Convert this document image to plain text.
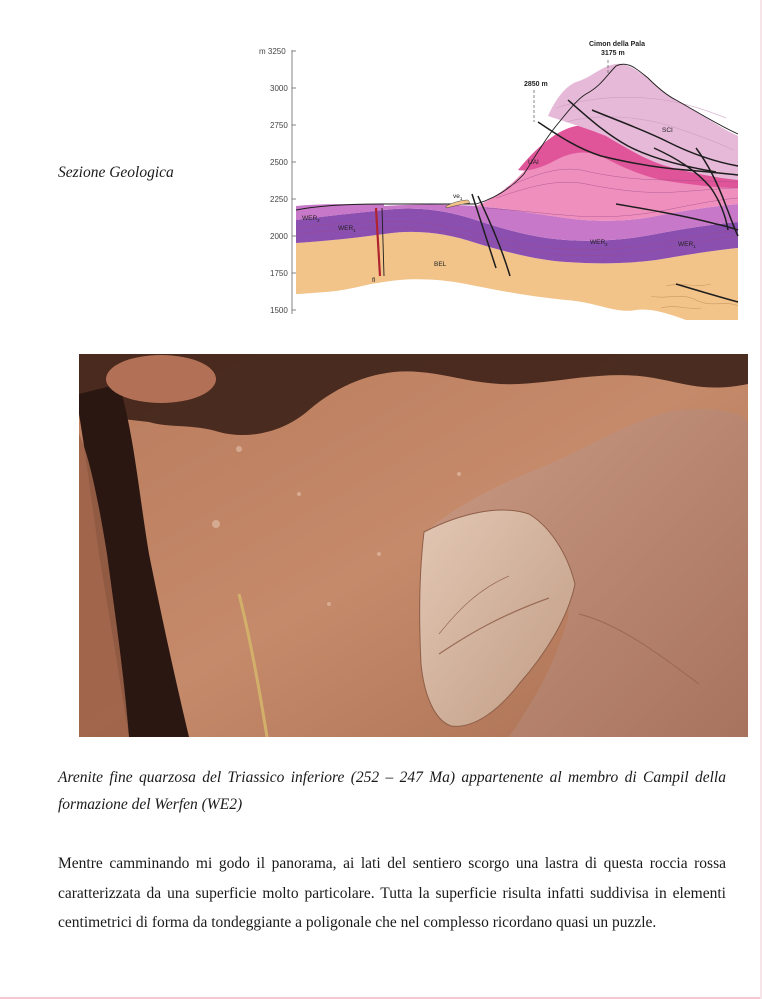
Sezione Geologica
m 3250
3000
2750
2500
2250
2000
1750
1500
Cimon della Pala
3175 m
2850 m
SCI
UAI
$ve_1$
$WER_2$
$WER_1$
$WER_2$	$WER_1$
BEL
fl
Arenite fine quarzosa del Triassico inferiore (252 – 247 Ma) appartenente al membro di Campil della formazione del Werfen (WE2)
Mentre camminando mi godo il panorama, ai lati del sentiero scorgo una lastra di questa roccia rossa caratterizzata da una superficie molto particolare. Tutta la superficie risulta infatti suddivisa in elementi centimetrici di forma da tondeggiante a poligonale che nel complesso ricordano quasi un puzzle.
